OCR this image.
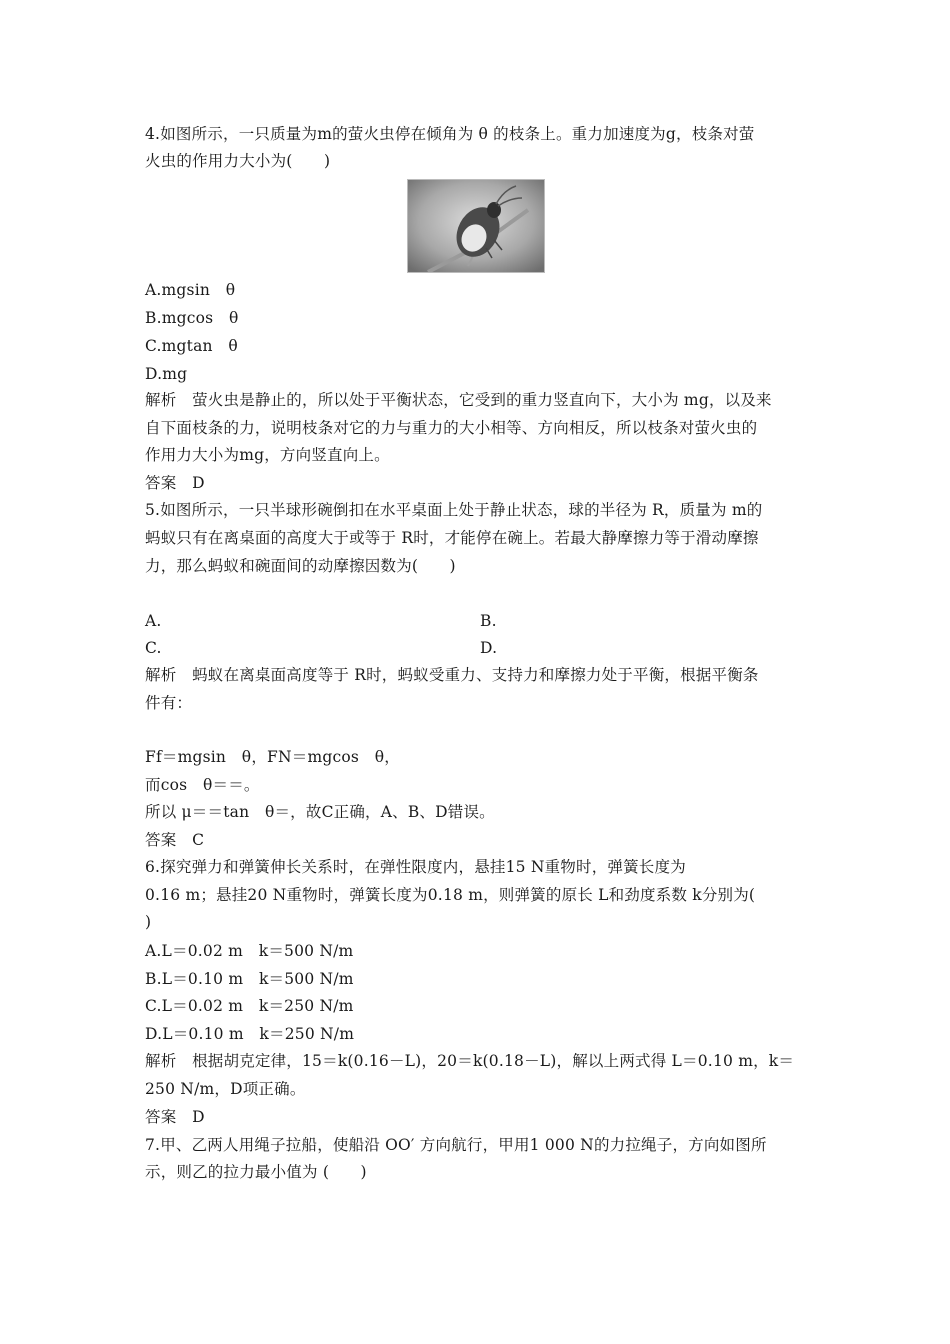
4.如图所示，一只质量为m的萤火虫停在倾角为 θ 的枝条上。重力加速度为g，枝条对萤
火虫的作用力大小为(　　)
A.mgsin　θ
B.mgcos　θ
C.mgtan　θ
D.mg
解析　萤火虫是静止的，所以处于平衡状态，它受到的重力竖直向下，大小为 mg，以及来
自下面枝条的力，说明枝条对它的力与重力的大小相等、方向相反，所以枝条对萤火虫的
作用力大小为mg，方向竖直向上。
答案　D
5.如图所示，一只半球形碗倒扣在水平桌面上处于静止状态，球的半径为 R，质量为 m的
蚂蚁只有在离桌面的高度大于或等于 R时，才能停在碗上。若最大静摩擦力等于滑动摩擦
力，那么蚂蚁和碗面间的动摩擦因数为(　　)
A.	B.
C.	D.
解析　蚂蚁在离桌面高度等于 R时，蚂蚁受重力、支持力和摩擦力处于平衡，根据平衡条
件有：
Ff＝mgsin　θ，FN＝mgcos　θ，
而cos　θ＝＝。
所以 μ＝＝tan　θ＝，故C正确，A、B、D错误。
答案　C
6.探究弹力和弹簧伸长关系时，在弹性限度内，悬挂15 N重物时，弹簧长度为
0.16 m；悬挂20 N重物时，弹簧长度为0.18 m，则弹簧的原长 L和劲度系数 k分别为(
)
A.L＝0.02 m　k＝500 N/m
B.L＝0.10 m　k＝500 N/m
C.L＝0.02 m　k＝250 N/m
D.L＝0.10 m　k＝250 N/m
解析　根据胡克定律，15＝k(0.16－L)，20＝k(0.18－L)，解以上两式得 L＝0.10 m，k＝
250 N/m，D项正确。
答案　D
7.甲、乙两人用绳子拉船，使船沿 OO′ 方向航行，甲用1 000 N的力拉绳子，方向如图所
示，则乙的拉力最小值为 (　　)
